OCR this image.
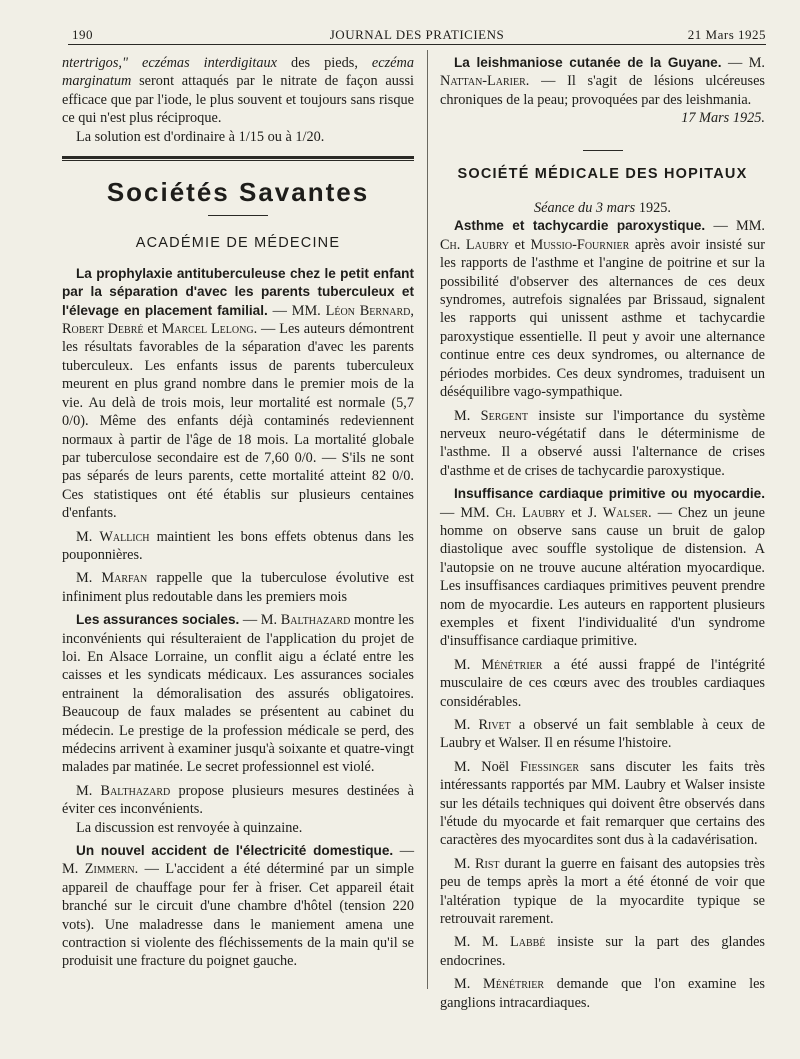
190	JOURNAL DES PRATICIENS	21 Mars 1925

ntertrigos," eczémas interdigitaux des pieds, eczéma marginatum seront attaqués par le nitrate de façon aussi efficace que par l'iode, le plus souvent et toujours sans risque ce qui n'est plus réciproque.

La solution est d'ordinaire à 1/15 ou à 1/20.

Sociétés Savantes
ACADÉMIE DE MÉDECINE

La prophylaxie antituberculeuse chez le petit enfant par la séparation d'avec les parents tuberculeux et l'élevage en placement familial. — MM. Léon Bernard, Robert Debré et Marcel Lelong. — Les auteurs démontrent les résultats favorables de la séparation d'avec les parents tuberculeux. Les enfants issus de parents tuberculeux meurent en plus grand nombre dans le premier mois de la vie. Au delà de trois mois, leur mortalité est normale (5,7 0/0). Même des enfants déjà contaminés redeviennent normaux à partir de l'âge de 18 mois. La mortalité globale par tuberculose secondaire est de 7,60 0/0. — S'ils ne sont pas séparés de leurs parents, cette mortalité atteint 82 0/0. Ces statistiques ont été établis sur plusieurs centaines d'enfants.

M. Wallich maintient les bons effets obtenus dans les pouponnières.

M. Marfan rappelle que la tuberculose évolutive est infiniment plus redoutable dans les premiers mois

Les assurances sociales. — M. Balthazard montre les inconvénients qui résulteraient de l'application du projet de loi. En Alsace Lorraine, un conflit aigu a éclaté entre les caisses et les syndicats médicaux. Les assurances sociales entrainent la démoralisation des assurés obligatoires. Beaucoup de faux malades se présentent au cabinet du médecin. Le prestige de la profession médicale se perd, des médecins arrivent à examiner jusqu'à soixante et quatre-vingt malades par matinée. Le secret professionnel est violé.

M. Balthazard propose plusieurs mesures destinées à éviter ces inconvénients.

La discussion est renvoyée à quinzaine.

Un nouvel accident de l'électricité domestique. — M. Zimmern. — L'accident a été déterminé par un simple appareil de chauffage pour fer à friser. Cet appareil était branché sur le circuit d'une chambre d'hôtel (tension 220 vots). Une maladresse dans le maniement amena une contraction si violente des fléchissements de la main qu'il se produisit une fracture du poignet gauche.

La leishmaniose cutanée de la Guyane. — M. Nattan-Larier. — Il s'agit de lésions ulcéreuses chroniques de la peau; provoquées par des leishmania.

17 Mars 1925.

SOCIÉTÉ MÉDICALE DES HOPITAUX

Séance du 3 mars 1925.

Asthme et tachycardie paroxystique. — MM. Ch. Laubry et Mussio-Fournier après avoir insisté sur les rapports de l'asthme et l'angine de poitrine et sur la possibilité d'observer des alternances de ces deux syndromes, autrefois signalées par Brissaud, signalent les rapports qui unissent asthme et tachycardie paroxystique essentielle. Il peut y avoir une alternance continue entre ces deux syndromes, ou alternance de périodes morbides. Ces deux syndromes, traduisent un déséquilibre vago-sympathique.

M. Sergent insiste sur l'importance du système nerveux neuro-végétatif dans le déterminisme de l'asthme. Il a observé aussi l'alternance de crises d'asthme et de crises de tachycardie paroxystique.

Insuffisance cardiaque primitive ou myocardie. — MM. Ch. Laubry et J. Walser. — Chez un jeune homme on observe sans cause un bruit de galop diastolique avec souffle systolique de distension. A l'autopsie on ne trouve aucune altération myocardique. Les insuffisances cardiaques primitives peuvent prendre nom de myocardie. Les auteurs en rapportent plusieurs exemples et fixent l'individualité d'un syndrome d'insuffisance cardiaque primitive.

M. Ménétrier a été aussi frappé de l'intégrité musculaire de ces cœurs avec des troubles cardiaques considérables.

M. Rivet a observé un fait semblable à ceux de Laubry et Walser. Il en résume l'histoire.

M. Noël Fiessinger sans discuter les faits très intéressants rapportés par MM. Laubry et Walser insiste sur les détails techniques qui doivent être observés dans l'étude du myocarde et fait remarquer que certains des caractères des myocardites sont dus à la cadavérisation.

M. Rist durant la guerre en faisant des autopsies très peu de temps après la mort a été étonné de voir que l'altération typique de la myocardite typique se retrouvait rarement.

M. M. Labbé insiste sur la part des glandes endocrines.

M. Ménétrier demande que l'on examine les ganglions intracardiaques.
